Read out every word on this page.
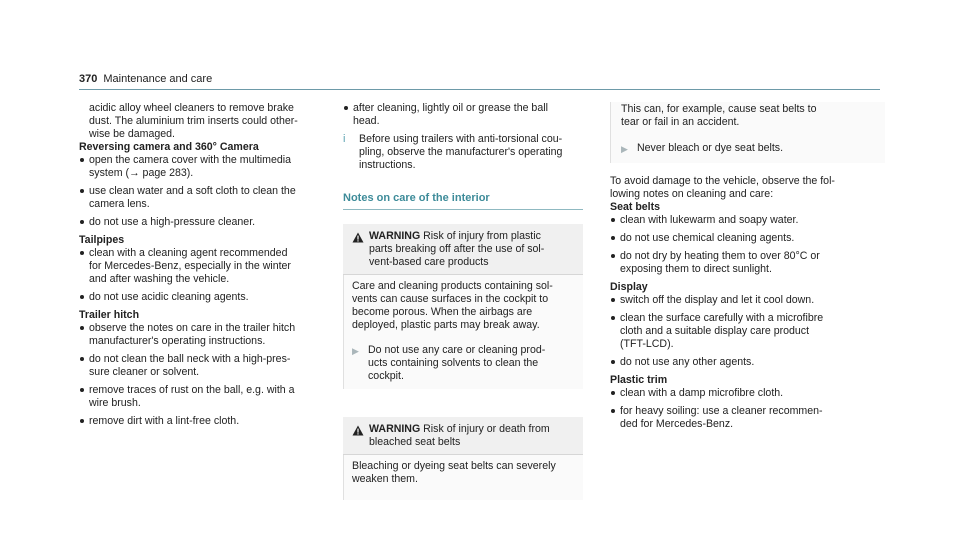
370 Maintenance and care
acidic alloy wheel cleaners to remove brake
dust. The aluminium trim inserts could other‐
wise be damaged.
Reversing camera and 360° Camera
open the camera cover with the multimedia
system (→ page 283).
use clean water and a soft cloth to clean the
camera lens.
do not use a high-pressure cleaner.
Tailpipes
clean with a cleaning agent recommended
for Mercedes-Benz, especially in the winter
and after washing the vehicle.
do not use acidic cleaning agents.
Trailer hitch
observe the notes on care in the trailer hitch
manufacturer's operating instructions.
do not clean the ball neck with a high-pres‐
sure cleaner or solvent.
remove traces of rust on the ball, e.g. with a
wire brush.
remove dirt with a lint-free cloth.
after cleaning, lightly oil or grease the ball
head.
i Before using trailers with anti-torsional cou‐
pling, observe the manufacturer's operating
instructions.
Notes on care of the interior
WARNING Risk of injury from plastic
parts breaking off after the use of sol‐
vent-based care products
Care and cleaning products containing sol‐
vents can cause surfaces in the cockpit to
become porous. When the airbags are
deployed, plastic parts may break away.
▶ Do not use any care or cleaning prod‐
ucts containing solvents to clean the
cockpit.
WARNING Risk of injury or death from
bleached seat belts
Bleaching or dyeing seat belts can severely
weaken them.
This can, for example, cause seat belts to
tear or fail in an accident.
▶ Never bleach or dye seat belts.
To avoid damage to the vehicle, observe the fol‐
lowing notes on cleaning and care:
Seat belts
clean with lukewarm and soapy water.
do not use chemical cleaning agents.
do not dry by heating them to over 80°C or
exposing them to direct sunlight.
Display
switch off the display and let it cool down.
clean the surface carefully with a microfibre
cloth and a suitable display care product
(TFT-LCD).
do not use any other agents.
Plastic trim
clean with a damp microfibre cloth.
for heavy soiling: use a cleaner recommen‐
ded for Mercedes-Benz.
